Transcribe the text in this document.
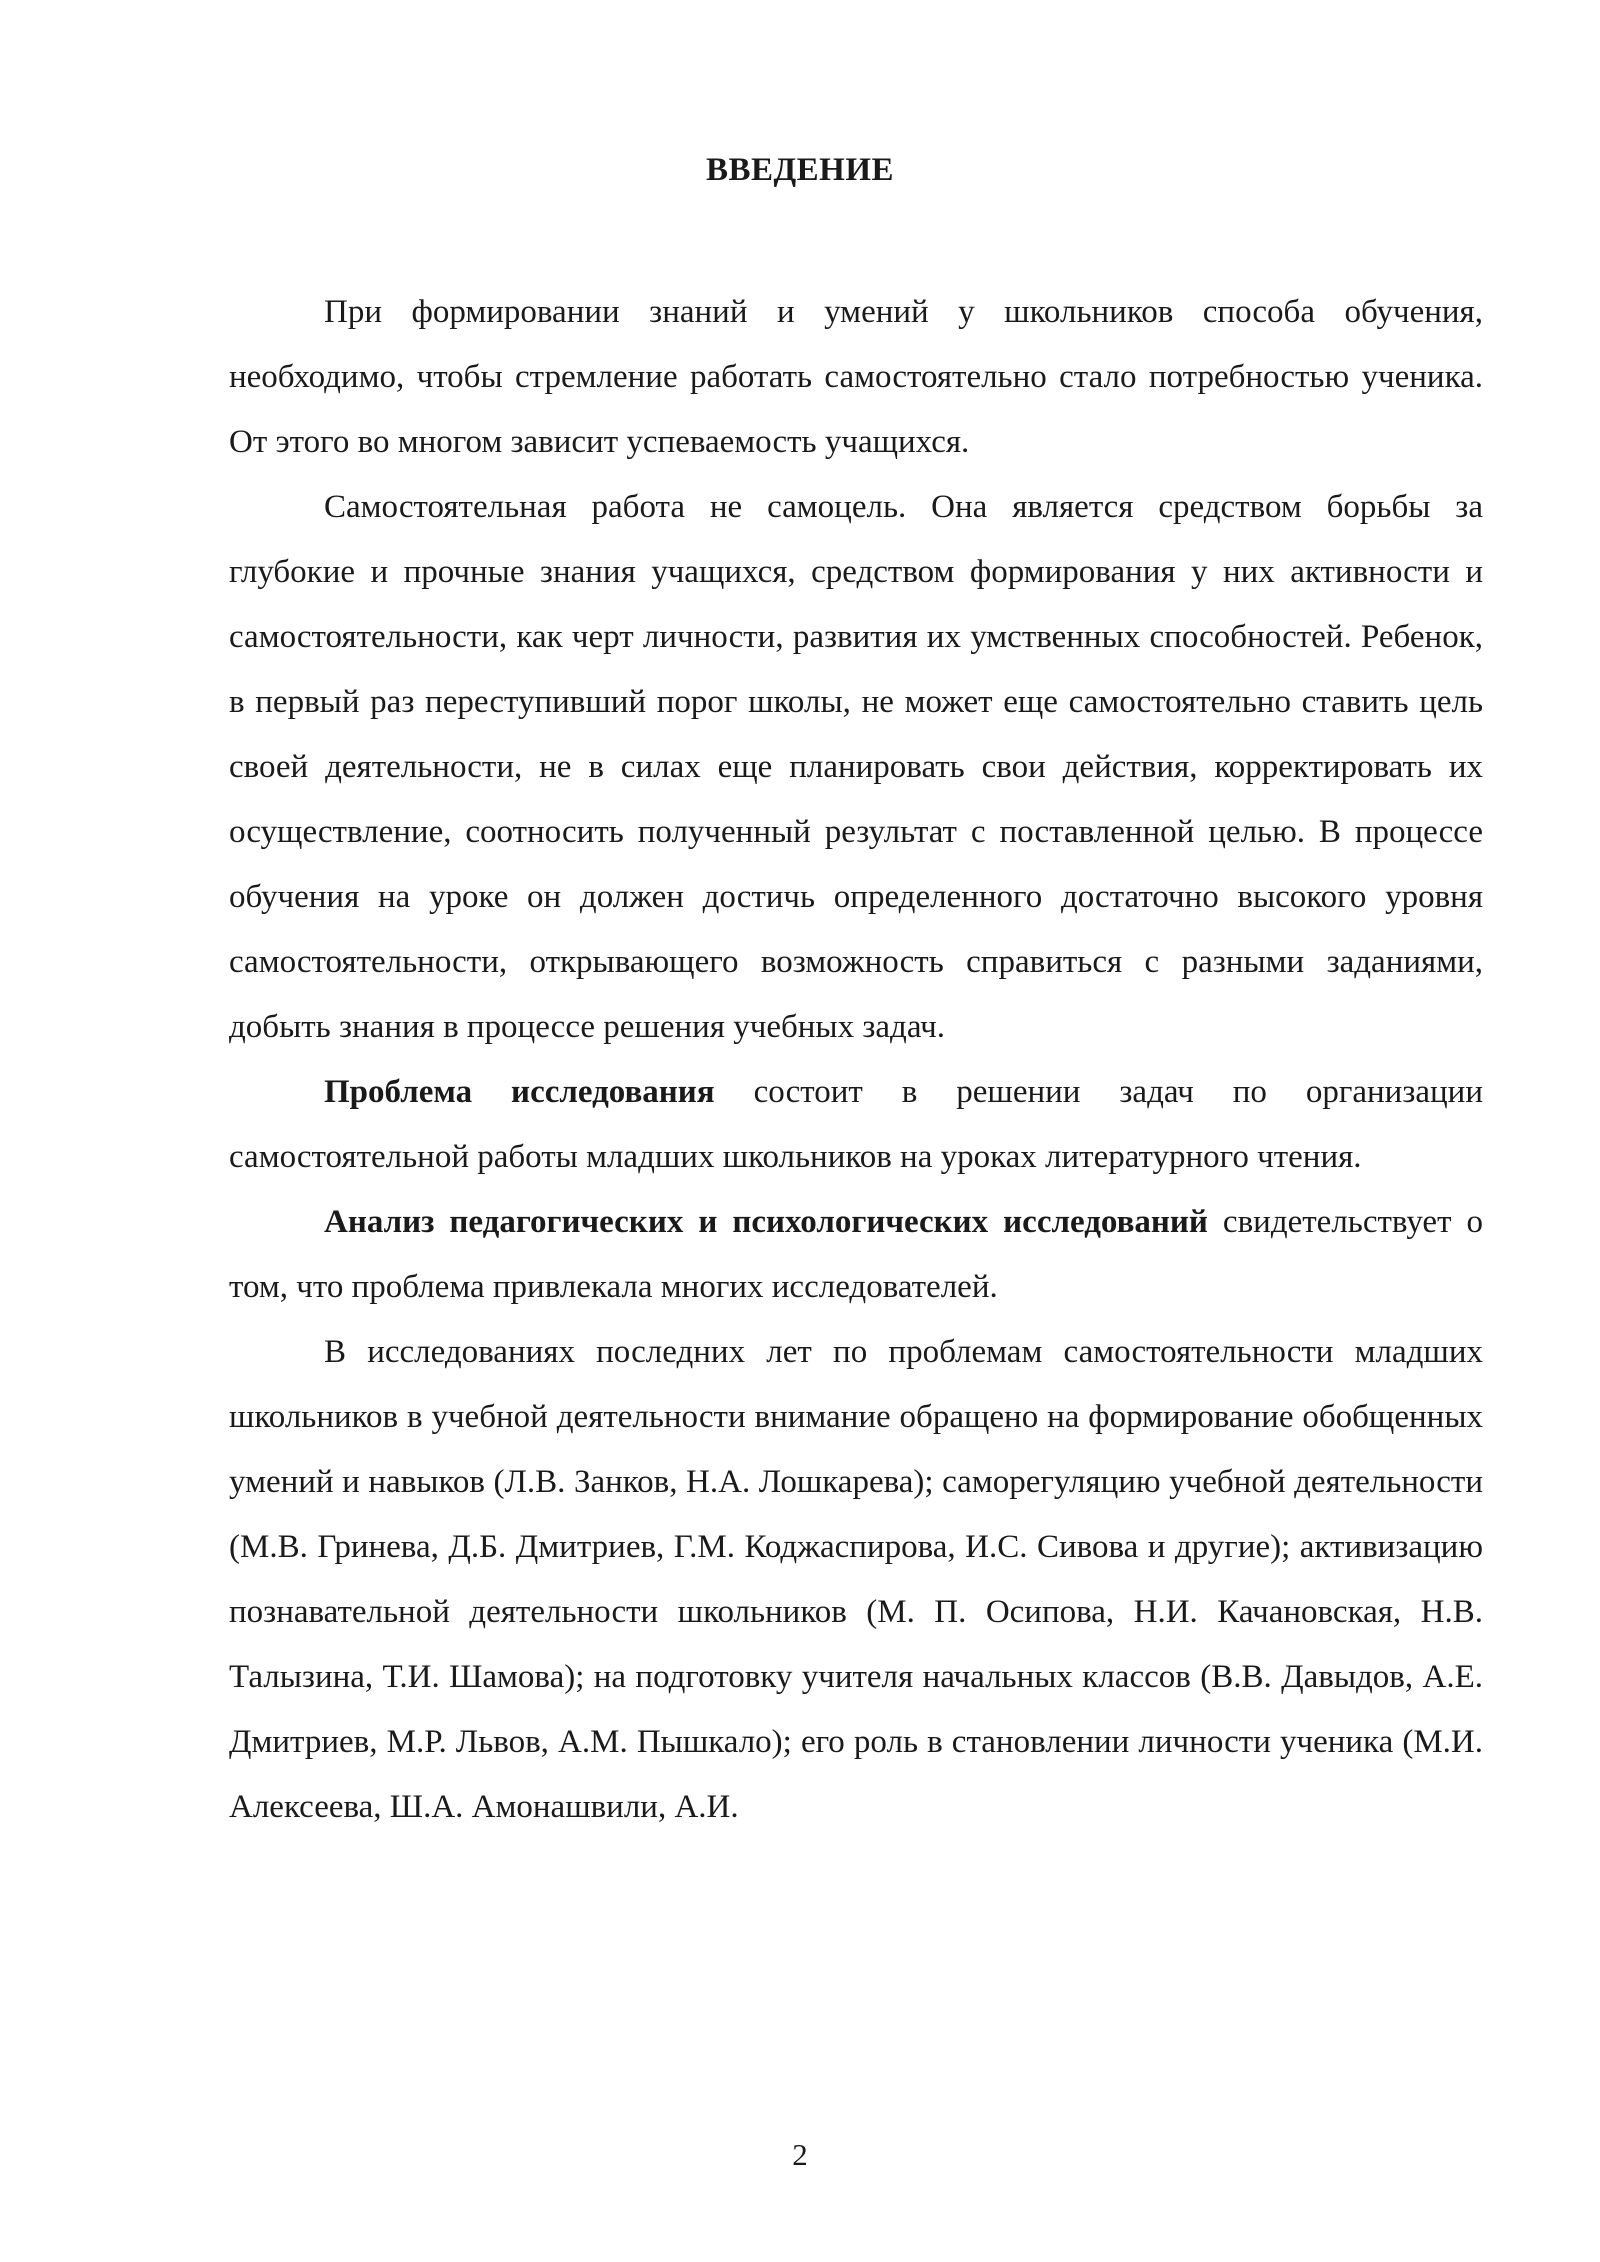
ВВЕДЕНИЕ

При формировании знаний и умений у школьников способа обучения, необходимо, чтобы стремление работать самостоятельно стало потребностью ученика. От этого во многом зависит успеваемость учащихся.

Самостоятельная работа не самоцель. Она является средством борьбы за глубокие и прочные знания учащихся, средством формирования у них активности и самостоятельности, как черт личности, развития их умственных способностей. Ребенок, в первый раз переступивший порог школы, не может еще самостоятельно ставить цель своей деятельности, не в силах еще планировать свои действия, корректировать их осуществление, соотносить полученный результат с поставленной целью. В процессе обучения на уроке он должен достичь определенного достаточно высокого уровня самостоятельности, открывающего возможность справиться с разными заданиями, добыть знания в процессе решения учебных задач.

Проблема исследования состоит в решении задач по организации самостоятельной работы младших школьников на уроках литературного чтения.

Анализ педагогических и психологических исследований свидетельствует о том, что проблема привлекала многих исследователей.

В исследованиях последних лет по проблемам самостоятельности младших школьников в учебной деятельности внимание обращено на формирование обобщенных умений и навыков (Л.В. Занков, Н.А. Лошкарева); саморегуляцию учебной деятельности (М.В. Гринева, Д.Б. Дмитриев, Г.М. Коджаспирова, И.С. Сивова и другие); активизацию познавательной деятельности школьников (М. П. Осипова, Н.И. Качановская, Н.В. Талызина, Т.И. Шамова); на подготовку учителя начальных классов (В.В. Давыдов, А.Е. Дмитриев, М.Р. Львов, А.М. Пышкало); его роль в становлении личности ученика (М.И. Алексеева, Ш.А. Амонашвили, А.И.

2
